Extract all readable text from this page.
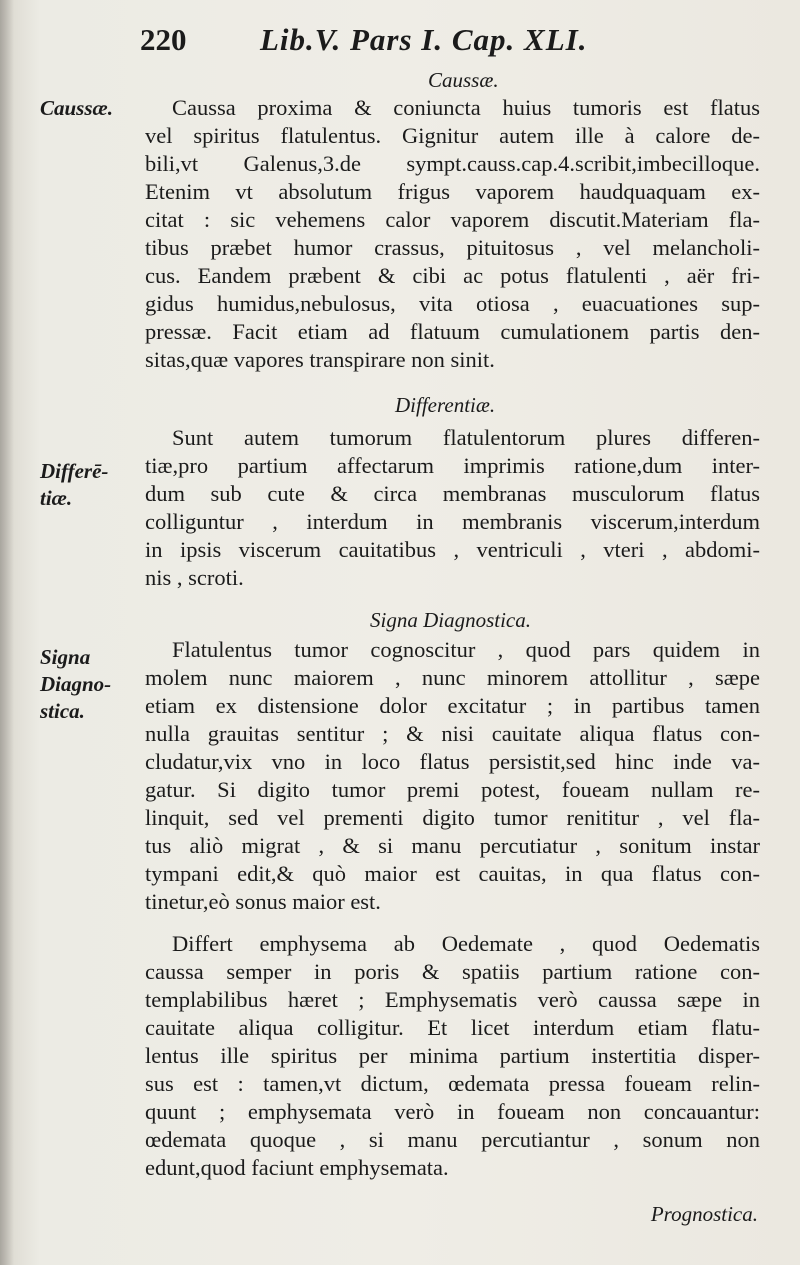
220 Lib.V. Pars I. Cap. XLI.
Caussæ.
Caussæ.	Caussa proxima & coniuncta huius tumoris est flatus
vel spiritus flatulentus. Gignitur autem ille à calore de-
bili,vt Galenus,3.de sympt.causs.cap.4.scribit,imbecilloque.
Etenim vt absolutum frigus vaporem haudquaquam ex-
citat : sic vehemens calor vaporem discutit.Materiam fla-
tibus præbet humor crassus, pituitosus , vel melancholi-
cus. Eandem præbent & cibi ac potus flatulenti , aër fri-
gidus humidus,nebulosus, vita otiosa , euacuationes sup-
pressæ. Facit etiam ad flatuum cumulationem partis den-
sitas,quæ vapores transpirare non sinit.
Differentiæ.
Differē-
tiæ.
Sunt autem tumorum flatulentorum plures differen-
tiæ,pro partium affectarum imprimis ratione,dum inter-
dum sub cute & circa membranas musculorum flatus
colliguntur , interdum in membranis viscerum,interdum
in ipsis viscerum cauitatibus , ventriculi , vteri , abdomi-
nis , scroti.
Signa Diagnostica.
Signa
Diagno-
stica.
Flatulentus tumor cognoscitur , quod pars quidem in
molem nunc maiorem , nunc minorem attollitur , sæpe
etiam ex distensione dolor excitatur ; in partibus tamen
nulla grauitas sentitur ; & nisi cauitate aliqua flatus con-
cludatur,vix vno in loco flatus persistit,sed hinc inde va-
gatur. Si digito tumor premi potest, foueam nullam re-
linquit, sed vel prementi digito tumor renititur , vel fla-
tus aliò migrat , & si manu percutiatur , sonitum instar
tympani edit,& quò maior est cauitas, in qua flatus con-
tinetur,eò sonus maior est.
Differt emphysema ab Oedemate , quod Oedematis
caussa semper in poris & spatiis partium ratione con-
templabilibus hæret ; Emphysematis verò caussa sæpe in
cauitate aliqua colligitur. Et licet interdum etiam flatu-
lentus ille spiritus per minima partium instertitia disper-
sus est : tamen,vt dictum, œdemata pressa foueam relin-
quunt ; emphysemata verò in foueam non concauantur:
œdemata quoque , si manu percutiantur , sonum non
edunt,quod faciunt emphysemata.
Prognostica.
